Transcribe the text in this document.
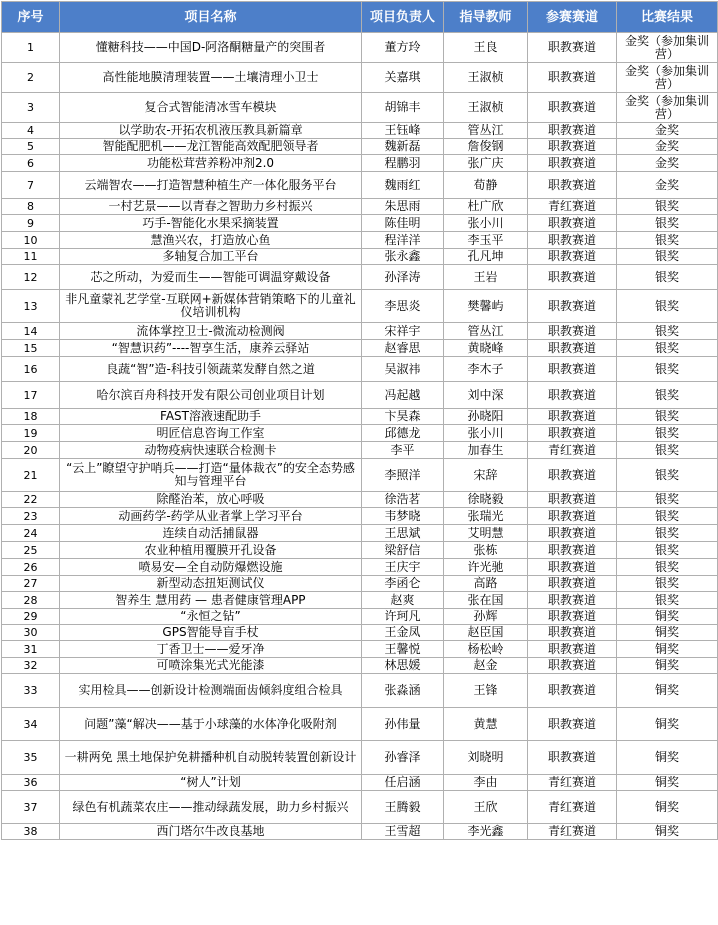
序号	项目名称	项目负责人	指导教师	参赛赛道	比赛结果
1	懂糖科技——中国D-阿洛酮糖量产的突围者	董方玲	王良	职教赛道	金奖（参加集训营）
2	高性能地膜清理装置——土壤清理小卫士	关嘉琪	王淑桢	职教赛道	金奖（参加集训营）
3	复合式智能清冰雪车模块	胡锦丰	王淑桢	职教赛道	金奖（参加集训营）
4	以学助农-开拓农机液压教具新篇章	王钰峰	管丛江	职教赛道	金奖
5	智能配肥机——龙江智能高效配肥领导者	魏新磊	詹俊钢	职教赛道	金奖
6	功能松茸营养粉冲剂2.0	程鹏羽	张广庆	职教赛道	金奖
7	云端智农——打造智慧种植生产一体化服务平台	魏雨红	荀静	职教赛道	金奖
8	一村艺景——以青春之智助力乡村振兴	朱思雨	杜广欣	青红赛道	银奖
9	巧手-智能化水果采摘装置	陈佳明	张小川	职教赛道	银奖
10	慧渔兴农，打造放心鱼	程洋洋	李玉平	职教赛道	银奖
11	多轴复合加工平台	张永鑫	孔凡坤	职教赛道	银奖
12	芯之所动，为爱而生——智能可调温穿戴设备	孙泽涛	王岩	职教赛道	银奖
13	非凡童蒙礼艺学堂-互联网+新媒体营销策略下的儿童礼仪培训机构	李思炎	樊馨屿	职教赛道	银奖
14	流体掌控卫士-微流动检测阀	宋祥宇	管丛江	职教赛道	银奖
15	“智慧识药”----智享生活，康养云驿站	赵睿思	黄晓峰	职教赛道	银奖
16	良蔬“智”造-科技引领蔬菜发酵自然之道	吴淑祎	李木子	职教赛道	银奖
17	哈尔滨百舟科技开发有限公司创业项目计划	冯起越	刘中深	职教赛道	银奖
18	FAST溶液速配助手	卞昊森	孙晓阳	职教赛道	银奖
19	明匠信息咨询工作室	邱德龙	张小川	职教赛道	银奖
20	动物疫病快速联合检测卡	李平	加春生	青红赛道	银奖
21	“云上”瞭望守护哨兵——打造“量体裁衣”的安全态势感知与管理平台	李照洋	宋辞	职教赛道	银奖
22	除醛治苯，放心呼吸	徐浩茗	徐晓毅	职教赛道	银奖
23	动画药学-药学从业者掌上学习平台	韦梦晓	张瑞光	职教赛道	银奖
24	连续自动活捕鼠器	王思斌	艾明慧	职教赛道	银奖
25	农业种植用覆膜开孔设备	梁舒信	张栋	职教赛道	银奖
26	喷易安—全自动防爆燃设施	王庆宇	许光驰	职教赛道	银奖
27	新型动态扭矩测试仪	李函仑	高路	职教赛道	银奖
28	智养生 慧用药 — 患者健康管理APP	赵爽	张在国	职教赛道	银奖
29	“永恒之钻”	许珂凡	孙辉	职教赛道	铜奖
30	GPS智能导盲手杖	王金凤	赵臣国	职教赛道	铜奖
31	丁香卫士——爱牙净	王馨悦	杨松岭	职教赛道	铜奖
32	可喷涂集光式光能漆	林思媛	赵金	职教赛道	铜奖
33	实用检具——创新设计检测端面齿倾斜度组合检具	张淼涵	王锋	职教赛道	铜奖
34	问题”藻“解决——基于小球藻的水体净化吸附剂	孙伟量	黄慧	职教赛道	铜奖
35	一耕两免 黑土地保护免耕播种机自动脱转装置创新设计	孙睿泽	刘晓明	职教赛道	铜奖
36	“树人”计划	任启涵	李由	青红赛道	铜奖
37	绿色有机蔬菜农庄——推动绿蔬发展，助力乡村振兴	王腾毅	王欣	青红赛道	铜奖
38	西门塔尔牛改良基地	王雪超	李光鑫	青红赛道	铜奖
